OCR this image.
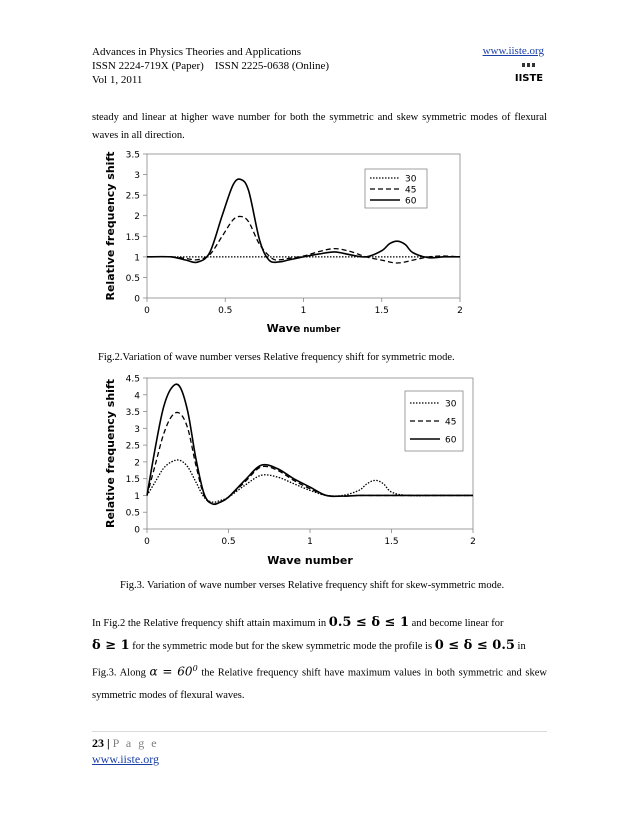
Advances in Physics Theories and Applications
ISSN 2224-719X (Paper)    ISSN 2225-0638 (Online)
Vol 1, 2011
www.iiste.org
IISTE
steady and linear at higher wave number for both the symmetric and skew symmetric modes of flexural waves in all direction.
0
0.5
1
1.5
2
2.5
3
3.5
0	0.5	1	1.5	2
Relative frequency shift
Wave number
30
45
60
Fig.2.Variation of wave number verses Relative frequency shift for symmetric mode.
0
0.5
1
1.5
2
2.5
3
3.5
4
4.5
0	0.5	1	1.5	2
Relative frequency shift
Wave number
30
45
60
Fig.3. Variation of wave number verses Relative frequency shift for skew-symmetric mode.
In Fig.2 the Relative frequency shift attain maximum in 0.5 ≤ δ ≤ 1 and become linear for
δ ≥ 1 for the symmetric mode but for the skew symmetric mode the profile is 0 ≤ δ ≤ 0.5 in
Fig.3. Along $\alpha = 60^0$ the Relative frequency shift have maximum values in both symmetric and skew symmetric modes of flexural waves.
23 | P a g e
www.iiste.org
